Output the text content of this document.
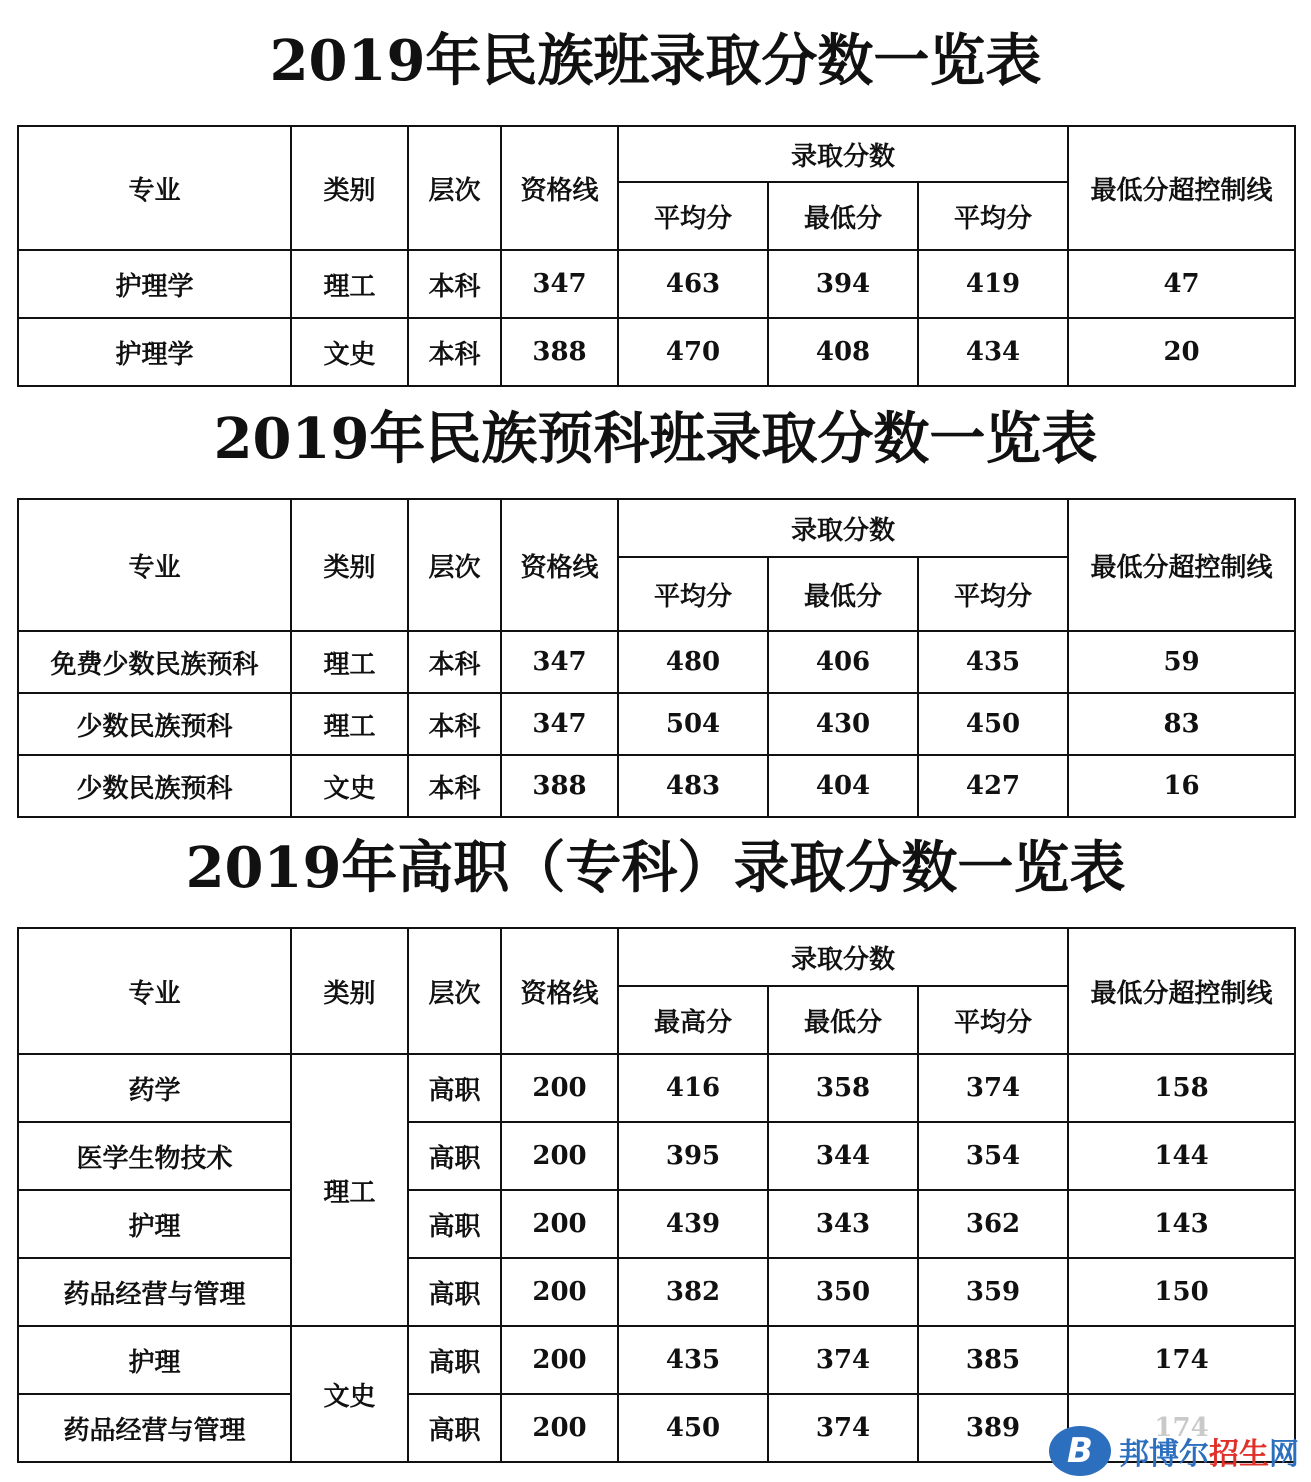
2019年民族班录取分数一览表
专业	类别	层次	资格线	录取分数			最低分超控制线
				平均分	最低分	平均分	
护理学	理工	本科	347	463	394	419	47
护理学	文史	本科	388	470	408	434	20
2019年民族预科班录取分数一览表
专业	类别	层次	资格线	录取分数			最低分超控制线
				平均分	最低分	平均分	
免费少数民族预科	理工	本科	347	480	406	435	59
少数民族预科	理工	本科	347	504	430	450	83
少数民族预科	文史	本科	388	483	404	427	16
2019年高职（专科）录取分数一览表
专业	类别	层次	资格线	录取分数			最低分超控制线
				最高分	最低分	平均分	
药学	理工	高职	200	416	358	374	158
医学生物技术		高职	200	395	344	354	144
护理		高职	200	439	343	362	143
药品经营与管理		高职	200	382	350	359	150
护理	文史	高职	200	435	374	385	174
药品经营与管理		高职	200	450	374	389	174
B 邦博尔招生网
